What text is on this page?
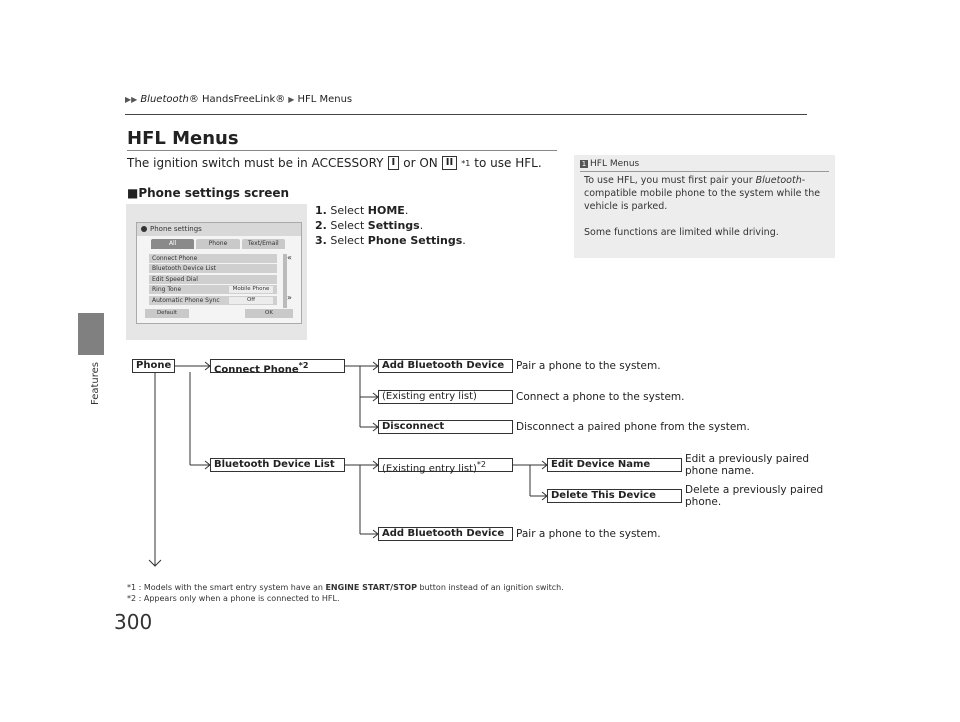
Features
300
▶▶ Bluetooth® HandsFreeLink® ▶ HFL Menus
HFL Menus
The ignition switch must be in ACCESSORY I or ON II	*1 to use HFL.
■Phone settings screen
1. Select HOME.
2. Select Settings.
3. Select Phone Settings.
Phone settings
All	Phone	Text/Email
Connect Phone
Bluetooth Device List
Edit Speed Dial
Ring Tone	Mobile Phone
Automatic Phone Sync	Off
«
»
Default	OK
1 HFL Menus
To use HFL, you must first pair your Bluetooth-compatible mobile phone to the system while the vehicle is parked.
Some functions are limited while driving.
Phone	Connect Phone$^{*2}$	Add Bluetooth Device	Pair a phone to the system.
(Existing entry list)	Connect a phone to the system.
Disconnect	Disconnect a paired phone from the system.
Bluetooth Device List	(Existing entry list)$^{*2}$	Edit Device Name	Edit a previously paired phone name.
Delete This Device	Delete a previously paired phone.
Add Bluetooth Device	Pair a phone to the system.
*1 : Models with the smart entry system have an ENGINE START/STOP button instead of an ignition switch.
*2 : Appears only when a phone is connected to HFL.
